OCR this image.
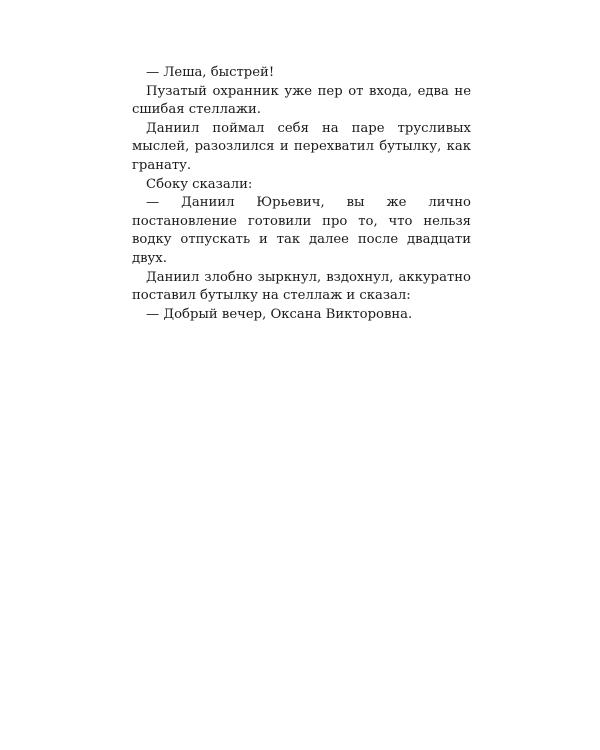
— Леша, быстрей!

Пузатый охранник уже пер от входа, едва не сшибая стеллажи.

Даниил поймал себя на паре трусливых мыслей, разозлился и перехватил бутылку, как гранату.

Сбоку сказали:

— Даниил Юрьевич, вы же лично постановление готовили про то, что нельзя водку отпускать и так далее после двадцати двух.

Даниил злобно зыркнул, вздохнул, аккуратно поставил бутылку на стеллаж и сказал:

— Добрый вечер, Оксана Викторовна.
